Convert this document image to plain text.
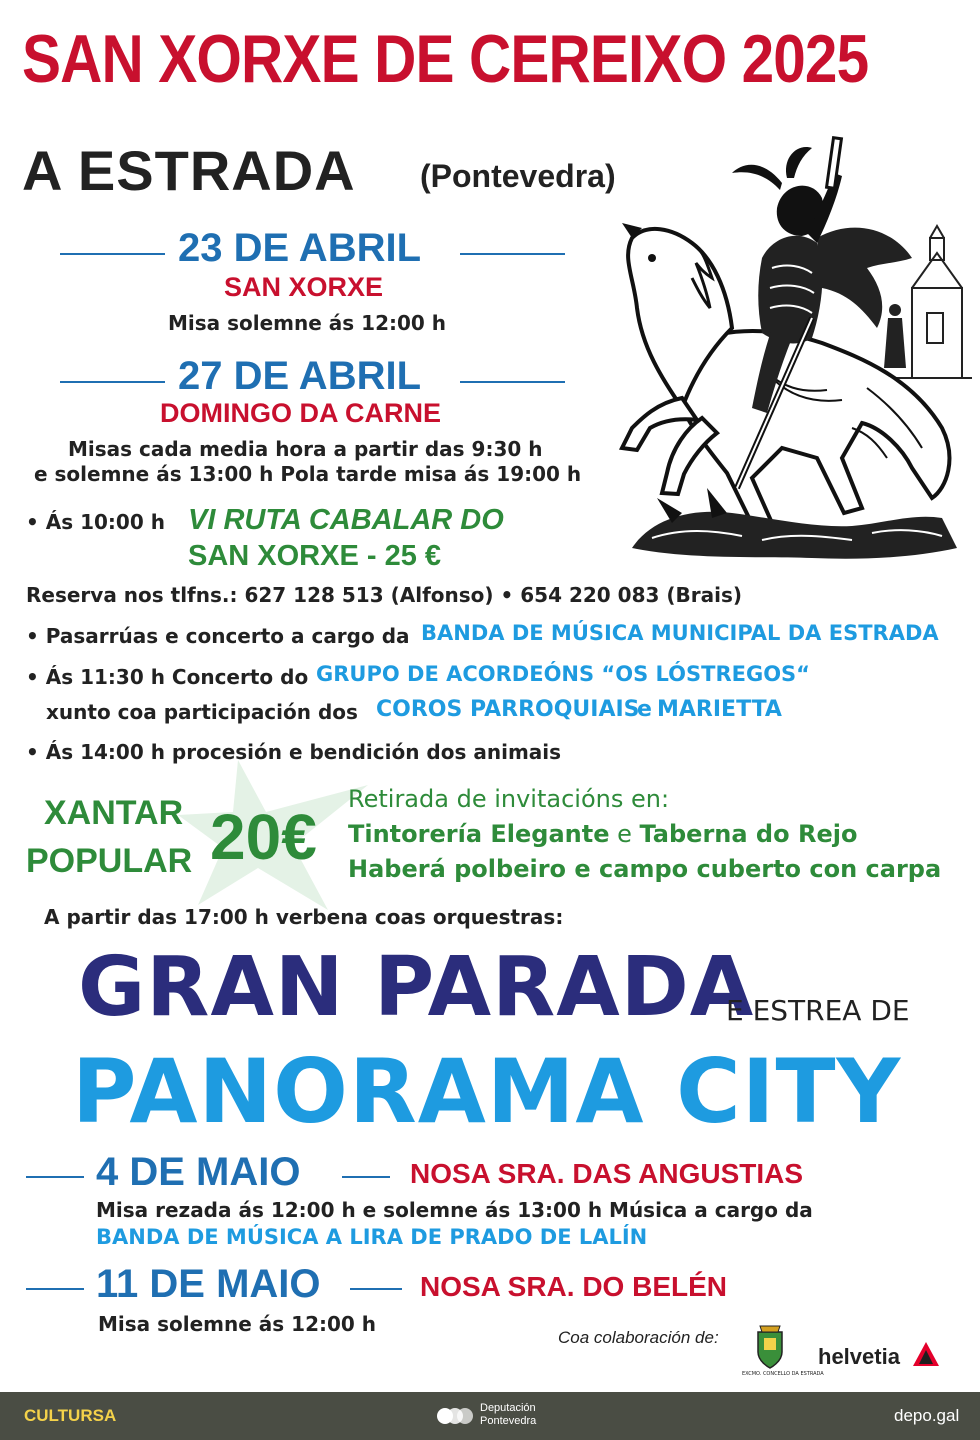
SAN XORXE DE CEREIXO 2025
A ESTRADA (Pontevedra)
23 DE ABRIL
SAN XORXE
Misa solemne ás 12:00 h
27 DE ABRIL
DOMINGO DA CARNE
Misas cada media hora a partir das 9:30 h
e solemne ás 13:00 h Pola tarde misa ás 19:00 h
• Ás 10:00 h VI RUTA CABALAR DO
SAN XORXE - 25 €
Reserva nos tlfns.: 627 128 513 (Alfonso) • 654 220 083 (Brais)
• Pasarrúas e concerto a cargo da BANDA DE MÚSICA MUNICIPAL DA ESTRADA
• Ás 11:30 h Concerto do GRUPO DE ACORDEÓNS “OS LÓSTREGOS“
xunto coa participación dos COROS PARROQUIAIS
e MARIETTA
• Ás 14:00 h procesión e bendición dos animais
XANTAR
POPULAR 20€
Retirada de invitacións en:
Tintorería Elegante e Taberna do Rejo
Haberá polbeiro e campo cuberto con carpa
A partir das 17:00 h verbena coas orquestras:
GRAN PARADA
E ESTREA DE
PANORAMA CITY
4 DE MAIO	NOSA SRA. DAS ANGUSTIAS
Misa rezada ás 12:00 h e solemne ás 13:00 h Música a cargo da
BANDA DE MÚSICA A LIRA DE PRADO DE LALÍN
11 DE MAIO	NOSA SRA. DO BELÉN
Misa solemne ás 12:00 h
Coa colaboración de:
EXCMO. CONCELLO DA ESTRADA
helvetia
CULTURSA	Deputación
Pontevedra	depo.gal
